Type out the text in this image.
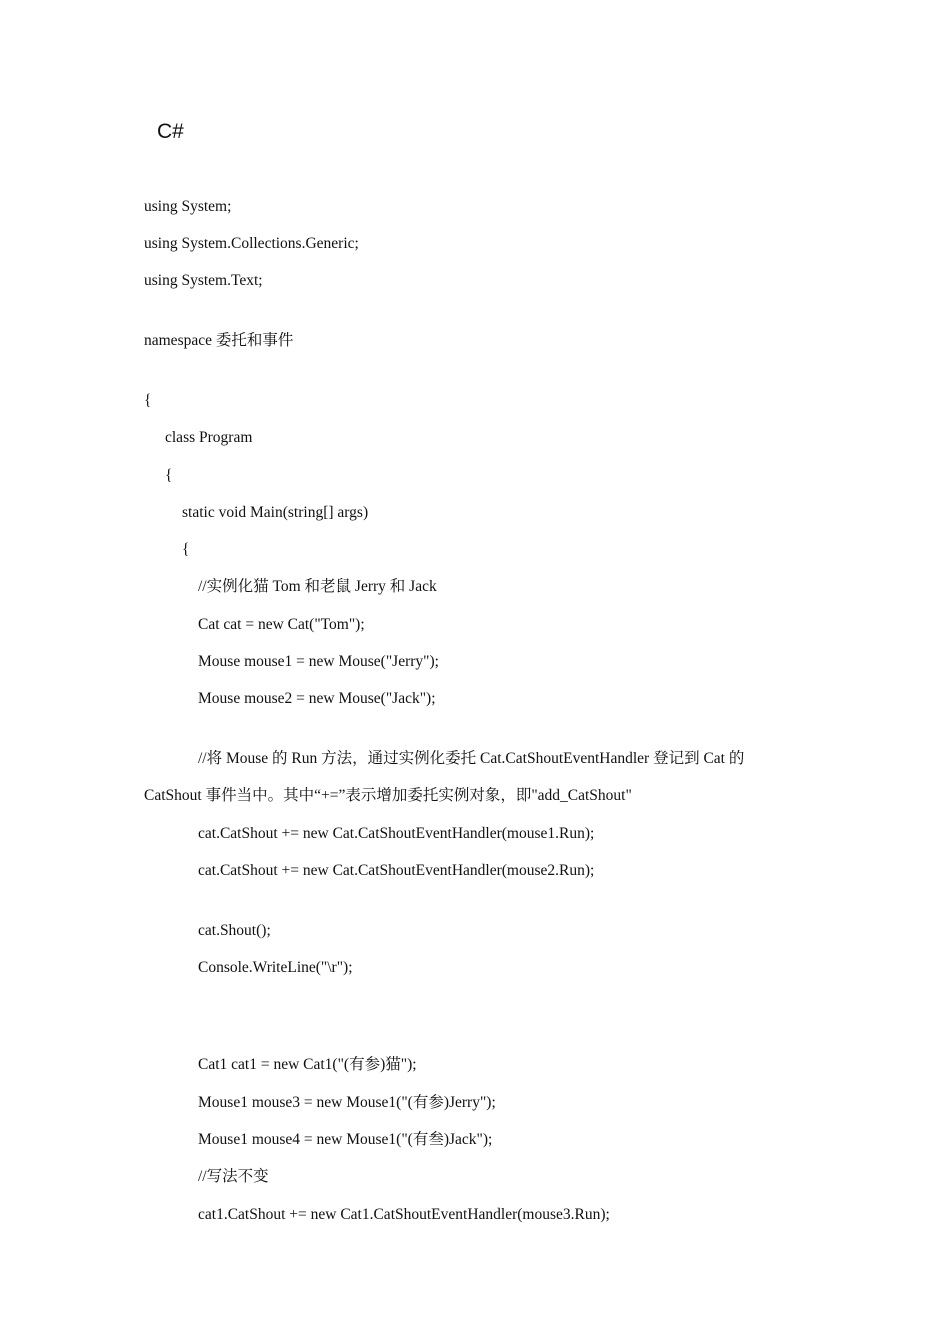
C#
using System;
using System.Collections.Generic;
using System.Text;
namespace 委托和事件
{
class Program
{
static void Main(string[] args)
{
//实例化猫 Tom 和老鼠 Jerry 和 Jack
Cat cat = new Cat("Tom");
Mouse mouse1 = new Mouse("Jerry");
Mouse mouse2 = new Mouse("Jack");
//将 Mouse 的 Run 方法，通过实例化委托 Cat.CatShoutEventHandler 登记到 Cat 的
CatShout 事件当中。其中“+=”表示增加委托实例对象，即"add_CatShout"
cat.CatShout += new Cat.CatShoutEventHandler(mouse1.Run);
cat.CatShout += new Cat.CatShoutEventHandler(mouse2.Run);
cat.Shout();
Console.WriteLine("\r");
Cat1 cat1 = new Cat1("(有参)猫");
Mouse1 mouse3 = new Mouse1("(有参)Jerry");
Mouse1 mouse4 = new Mouse1("(有叁)Jack");
//写法不变
cat1.CatShout += new Cat1.CatShoutEventHandler(mouse3.Run);
